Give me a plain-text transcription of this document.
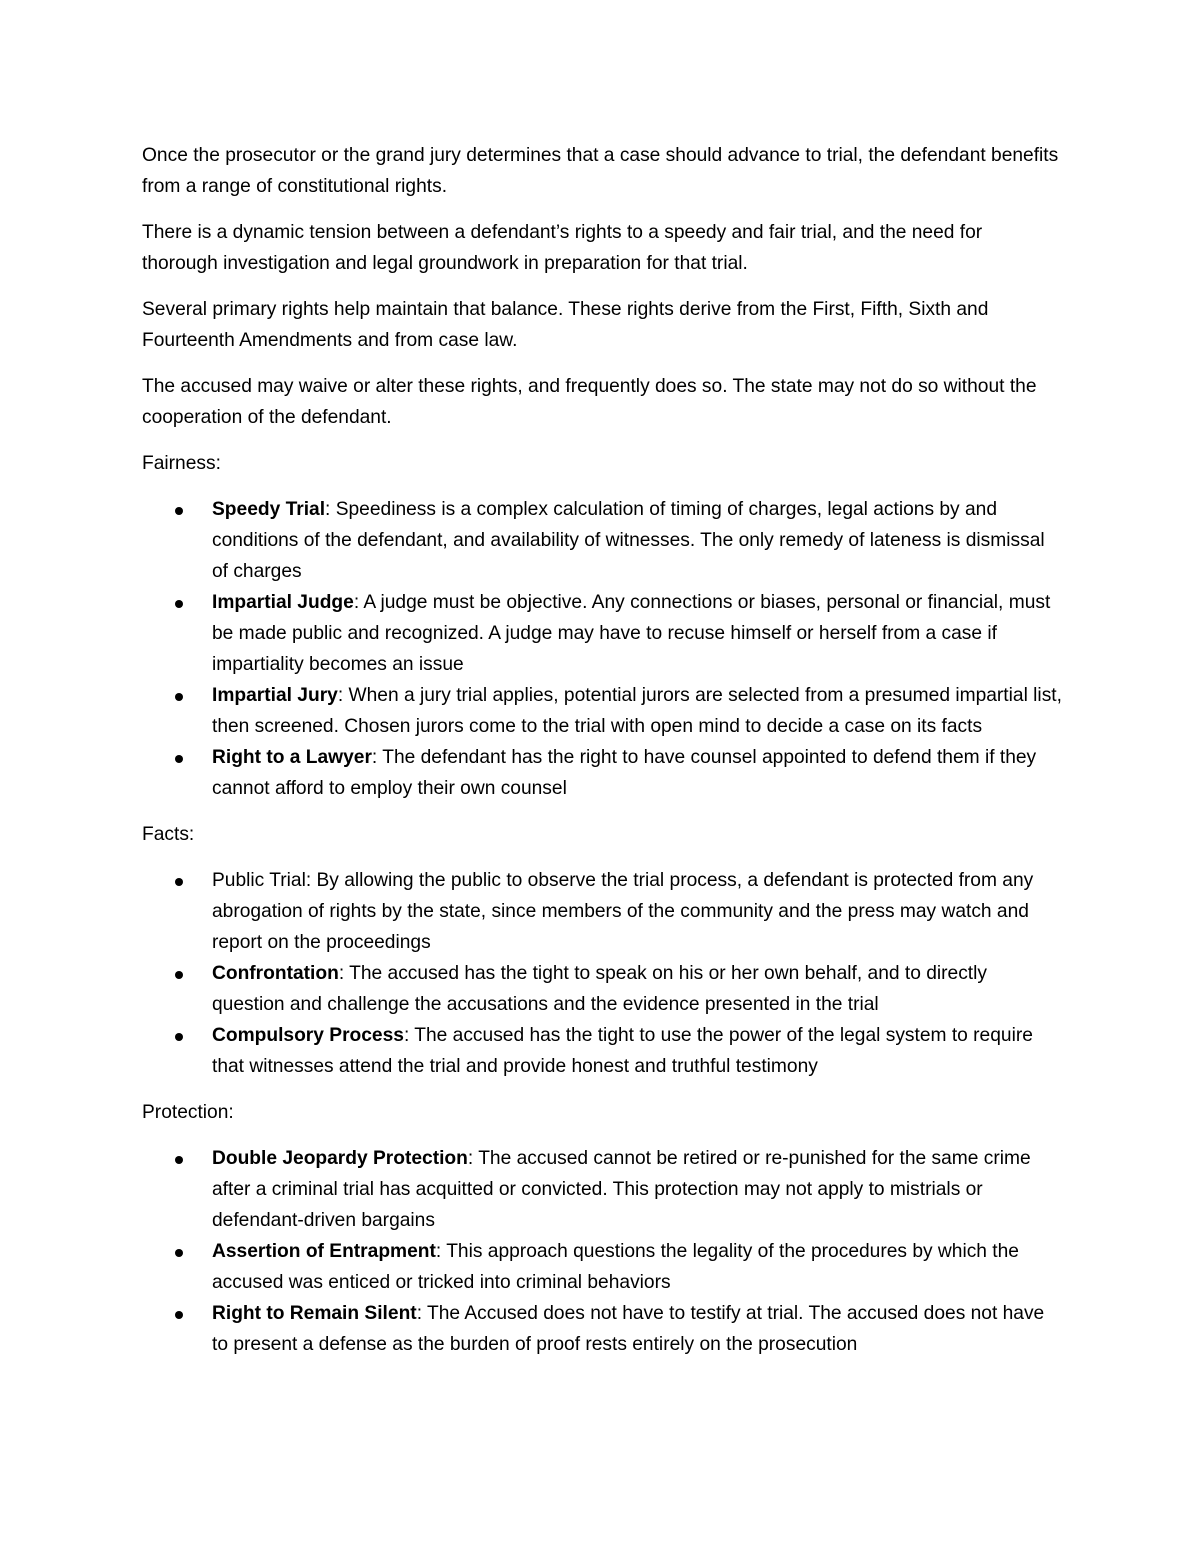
Once the prosecutor or the grand jury determines that a case should advance to trial, the defendant benefits from a range of constitutional rights.

There is a dynamic tension between a defendant’s rights to a speedy and fair trial, and the need for thorough investigation and legal groundwork in preparation for that trial.

Several primary rights help maintain that balance. These rights derive from the First, Fifth, Sixth and Fourteenth Amendments and from case law.

The accused may waive or alter these rights, and frequently does so. The state may not do so without the cooperation of the defendant.

Fairness:

Speedy Trial: Speediness is a complex calculation of timing of charges, legal actions by and conditions of the defendant, and availability of witnesses. The only remedy of lateness is dismissal of charges
Impartial Judge: A judge must be objective. Any connections or biases, personal or financial, must be made public and recognized. A judge may have to recuse himself or herself from a case if impartiality becomes an issue
Impartial Jury: When a jury trial applies, potential jurors are selected from a presumed impartial list, then screened. Chosen jurors come to the trial with open mind to decide a case on its facts
Right to a Lawyer: The defendant has the right to have counsel appointed to defend them if they cannot afford to employ their own counsel

Facts:

Public Trial: By allowing the public to observe the trial process, a defendant is protected from any abrogation of rights by the state, since members of the community and the press may watch and report on the proceedings
Confrontation: The accused has the tight to speak on his or her own behalf, and to directly question and challenge the accusations and the evidence presented in the trial
Compulsory Process: The accused has the tight to use the power of the legal system to require that witnesses attend the trial and provide honest and truthful testimony

Protection:

Double Jeopardy Protection: The accused cannot be retired or re-punished for the same crime after a criminal trial has acquitted or convicted. This protection may not apply to mistrials or defendant-driven bargains
Assertion of Entrapment: This approach questions the legality of the procedures by which the accused was enticed or tricked into criminal behaviors
Right to Remain Silent: The Accused does not have to testify at trial. The accused does not have to present a defense as the burden of proof rests entirely on the prosecution
